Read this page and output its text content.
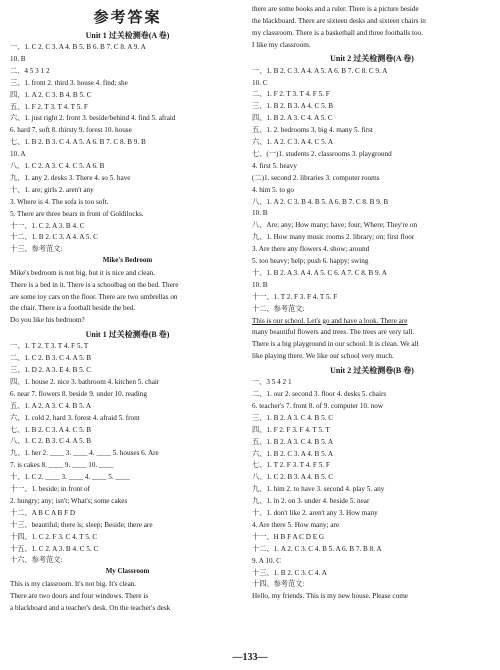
参考答案
Unit 1 过关检测卷(A 卷)
一、1. C 2. C 3. A 4. B 5. B 6. B 7. C 8. A 9. A
10. B
二、4 5 3 1 2
三、1. front 2. third 3. house 4. find; she
四、1. A 2. C 3. B 4. B 5. C
五、1. F 2. T 3. T 4. T 5. F
六、1. just right 2. front 3. beside/behind 4. find 5. afraid
6. hard 7. soft 8. thirsty 9. forest 10. house
七、1. B 2. B 3. C 4. A 5. A 6. B 7. C 8. B 9. B
10. A
八、1. C 2. A 3. C 4. C 5. A 6. B
九、1. any 2. desks 3. There 4. so 5. have
十、1. are; girls 2. aren't any
3. Where is 4. The sofa is too soft.
5. There are three bears in front of Goldilocks.
十一、1. C 2. A 3. B 4. C
十二、1. B 2. C 3. A 4. A 5. C
十三、参考范文:
Mike's Bedroom
Mike's bedroom is not big, but it is nice and clean.
There is a bed in it. There is a schoolbag on the bed. There
are some toy cars on the floor. There are two umbrellas on
the chair. There is a football beside the bed.
Do you like his bedroom?
Unit 1 过关检测卷(B 卷)
一、1. T 2. T 3. T 4. F 5. T
二、1. C 2. B 3. C 4. A 5. B
三、1. D 2. A 3. E 4. B 5. C
四、1. house 2. nice 3. bathroom 4. kitchen 5. chair
6. near 7. flowers 8. beside 9. under 10. reading
五、1. A 2. A 3. C 4. B 5. A
六、1. cold 2. hard 3. forest 4. afraid 5. front
七、1. B 2. C 3. A 4. C 5. B
八、1. C 2. B 3. C 4. A 5. B
九、1. her 2. ____ 3. ____ 4. ____ 5. houses 6. Are
7. is cakes 8. ____ 9. ____ 10. ____
十、1. C 2. ____ 3. ____ 4. ____ 5. ____
十一、1. beside; in front of
2. hungry; any; isn't; What's; some cakes
十二、A B C A B F D
十三、beautiful; there is; sleep; Beside; there are
十四、1. C 2. F 3. C 4. T 5. C
十五、1. C 2. A 3. B 4. C 5. C
十六、参考范文:
My Classroom
This is my classroom. It's not big. It's clean.
There are two doors and four windows. There is
a blackboard and a teacher's desk. On the teacher's desk
there are some books and a ruler. There is a picture beside
the blackboard. There are sixteen desks and sixteen chairs in
my classroom. There is a basketball and three footballs too.
I like my classroom.
Unit 2 过关检测卷(A 卷)
一、1. B 2. C 3. A 4. A 5. A 6. B 7. C 8. C 9. A
10. C
二、1. F 2. T 3. T 4. F 5. F
三、1. B 2. B 3. A 4. C 5. B
四、1. B 2. A 3. C 4. A 5. C
五、1. 2. bedrooms 3. big 4. many 5. first
六、1. A 2. C 3. A 4. C 5. A
七、(一)1. students 2. classrooms 3. playground
4. first 5. heavy
(二)1. second 2. libraries 3. computer rooms
4. him 5. to go
八、1. A 2. C 3. B 4. B 5. A 6. B 7. C 8. B 9. B
10. B
八、Are; any; How many; have; four; Where; They're on
九、1. How many music rooms 2. library; on; first floor
3. Are there any flowers 4. show; around
5. too heavy; help; push 6. happy; swing
十、1. B 2. A 3. A 4. A 5. C 6. A 7. C 8. B 9. A
10. B
十一、1. T 2. F 3. F 4. T 5. F
十二、参考范文:
This is our school. Let's go and have a look. There are
many beautiful flowers and trees. The trees are very tall.
There is a big playground in our school. It is clean. We all
like playing there. We like our school very much.
Unit 2 过关检测卷(B 卷)
一、3 5 4 2 1
二、1. our 2. second 3. floor 4. desks 5. chairs
6. teacher's 7. front 8. of 9. computer 10. now
三、1. B 2. A 3. C 4. B 5. C
四、1. F 2. F 3. F 4. T 5. T
五、1. B 2. A 3. C 4. B 5. A
六、1. B 2. C 3. A 4. B 5. A
七、1. T 2. F 3. T 4. F 5. F
八、1. C 2. B 3. A 4. B 5. C
九、1. him 2. to have 3. second 4. play 5. any
九、1. in 2. on 3. under 4. beside 5. near
十、1. don't like 2. aren't any 3. How many
4. Are there 5. How many; are
十一、H B F A C D E G
十二、1. A 2. C 3. C 4. B 5. A 6. B 7. B 8. A
9. A 10. C
十三、1. B 2. C 3. C 4. A
十四、参考范文:
Hello, my friends. This is my new house. Please come
—133—
